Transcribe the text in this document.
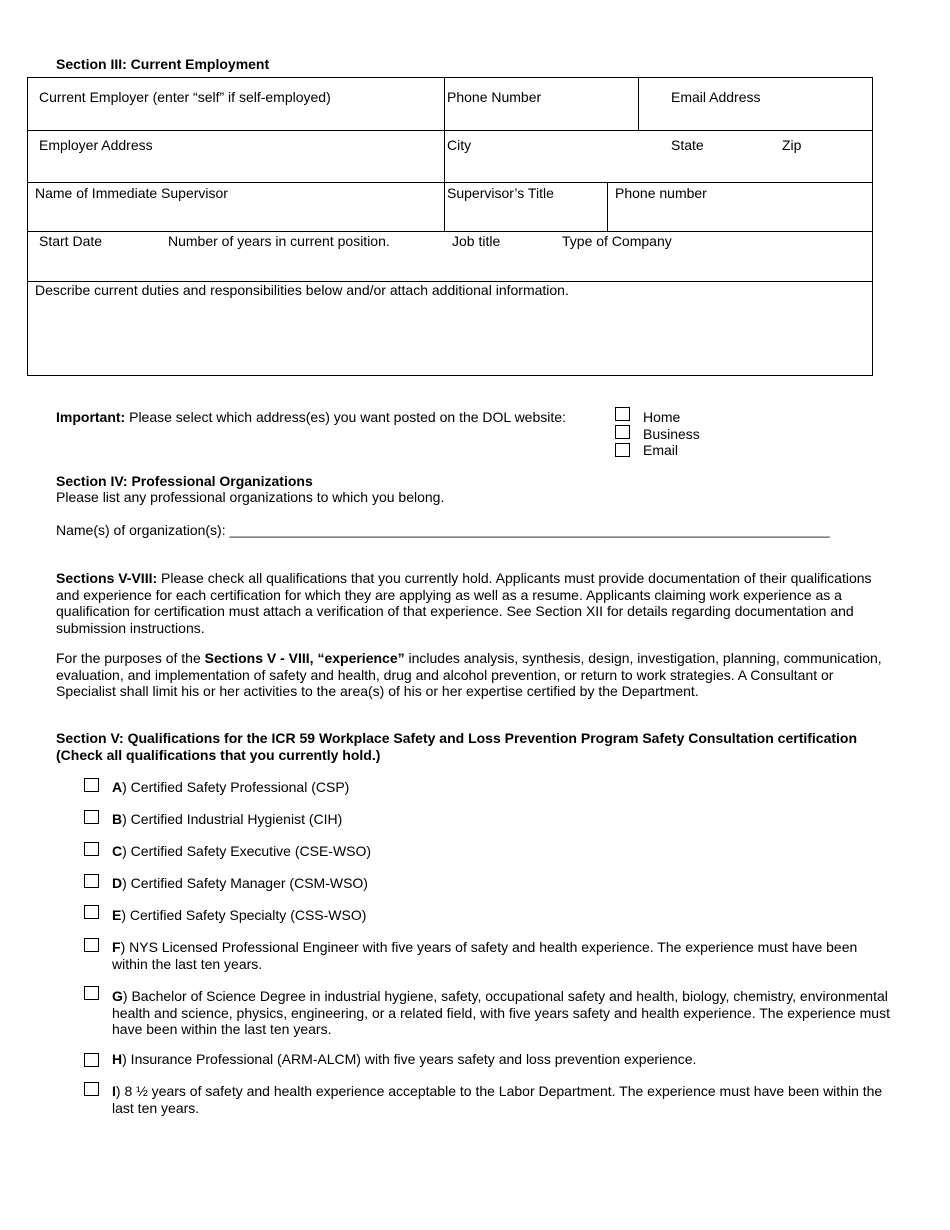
Section III: Current Employment
Current Employer (enter “self” if self-employed)	Phone Number	Email Address
Employer Address	City	State	Zip
Name of Immediate Supervisor	Supervisor’s Title	Phone number
Start Date	Number of years in current position.	Job title	Type of Company
Describe current duties and responsibilities below and/or attach additional information.
Important: Please select which address(es) you want posted on the DOL website:	Home
Business
Email
Section IV: Professional Organizations
Please list any professional organizations to which you belong.
Name(s) of organization(s): ___________________________________________________________________________________
Sections V-VIII: Please check all qualifications that you currently hold. Applicants must provide documentation of their qualifications and experience for each certification for which they are applying as well as a resume. Applicants claiming work experience as a qualification for certification must attach a verification of that experience. See Section XII for details regarding documentation and submission instructions.
For the purposes of the Sections V - VIII, “experience” includes analysis, synthesis, design, investigation, planning, communication, evaluation, and implementation of safety and health, drug and alcohol prevention, or return to work strategies. A Consultant or Specialist shall limit his or her activities to the area(s) of his or her expertise certified by the Department.
Section V: Qualifications for the ICR 59 Workplace Safety and Loss Prevention Program Safety Consultation certification (Check all qualifications that you currently hold.)
A) Certified Safety Professional (CSP)
B) Certified Industrial Hygienist (CIH)
C) Certified Safety Executive (CSE-WSO)
D) Certified Safety Manager (CSM-WSO)
E) Certified Safety Specialty (CSS-WSO)
F) NYS Licensed Professional Engineer with five years of safety and health experience. The experience must have been within the last ten years.
G) Bachelor of Science Degree in industrial hygiene, safety, occupational safety and health, biology, chemistry, environmental health and science, physics, engineering, or a related field, with five years safety and health experience. The experience must have been within the last ten years.
H) Insurance Professional (ARM-ALCM) with five years safety and loss prevention experience.
I) 8 ½ years of safety and health experience acceptable to the Labor Department. The experience must have been within the last ten years.
